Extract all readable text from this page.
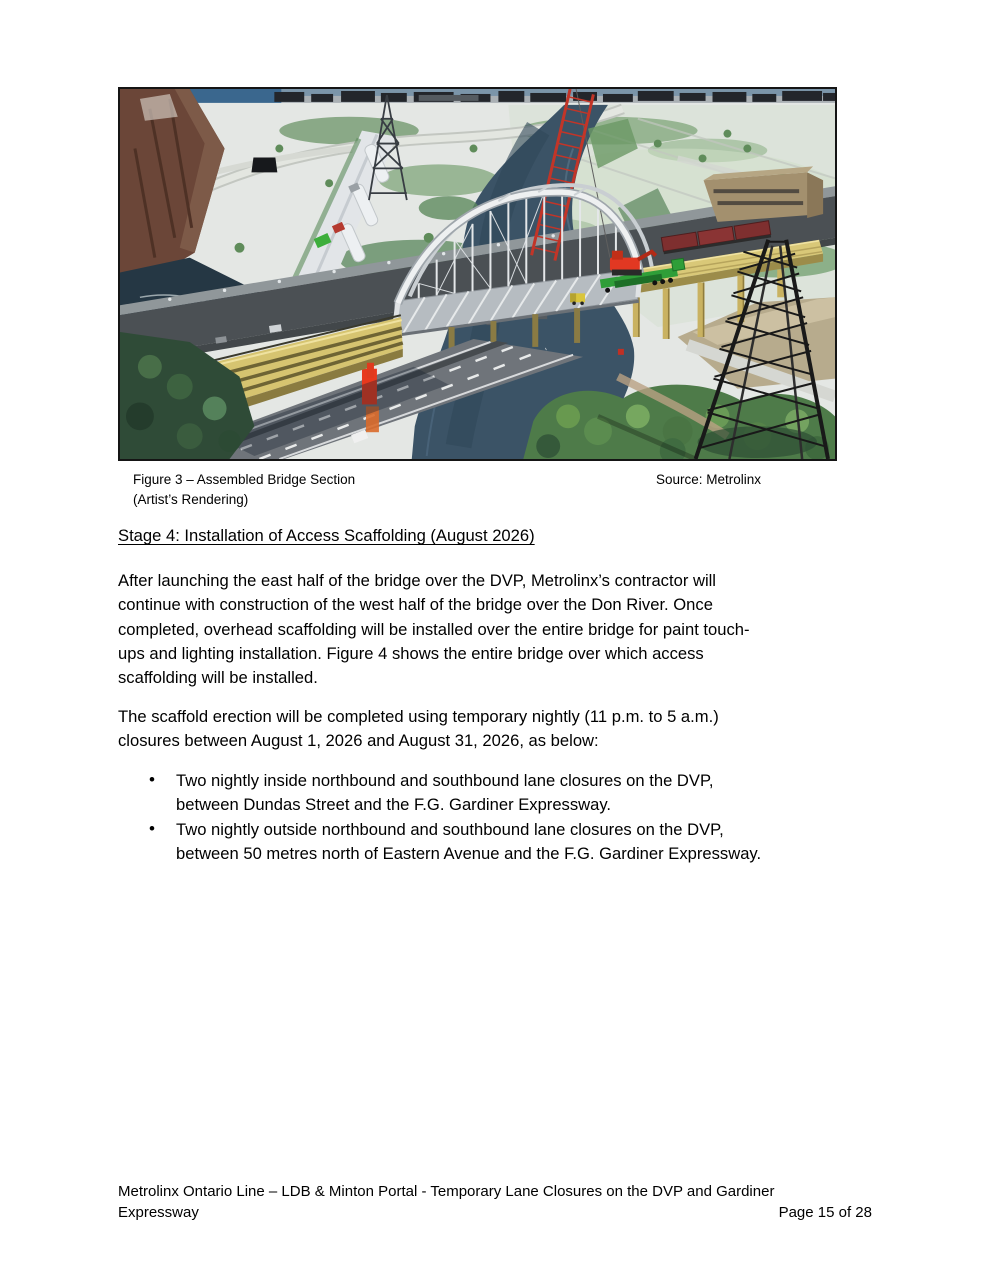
Figure 3 – Assembled Bridge Section
(Artist’s Rendering)
Source: Metrolinx
Stage 4: Installation of Access Scaffolding (August 2026)

After launching the east half of the bridge over the DVP, Metrolinx’s contractor will
continue with construction of the west half of the bridge over the Don River. Once
completed, overhead scaffolding will be installed over the entire bridge for paint touch-
ups and lighting installation. Figure 4 shows the entire bridge over which access
scaffolding will be installed.

The scaffold erection will be completed using temporary nightly (11 p.m. to 5 a.m.)
closures between August 1, 2026 and August 31, 2026, as below:

• Two nightly inside northbound and southbound lane closures on the DVP,
between Dundas Street and the F.G. Gardiner Expressway.
• Two nightly outside northbound and southbound lane closures on the DVP,
between 50 metres north of Eastern Avenue and the F.G. Gardiner Expressway.
Metrolinx Ontario Line – LDB & Minton Portal - Temporary Lane Closures on the DVP and Gardiner
Expressway	Page 15 of 28
